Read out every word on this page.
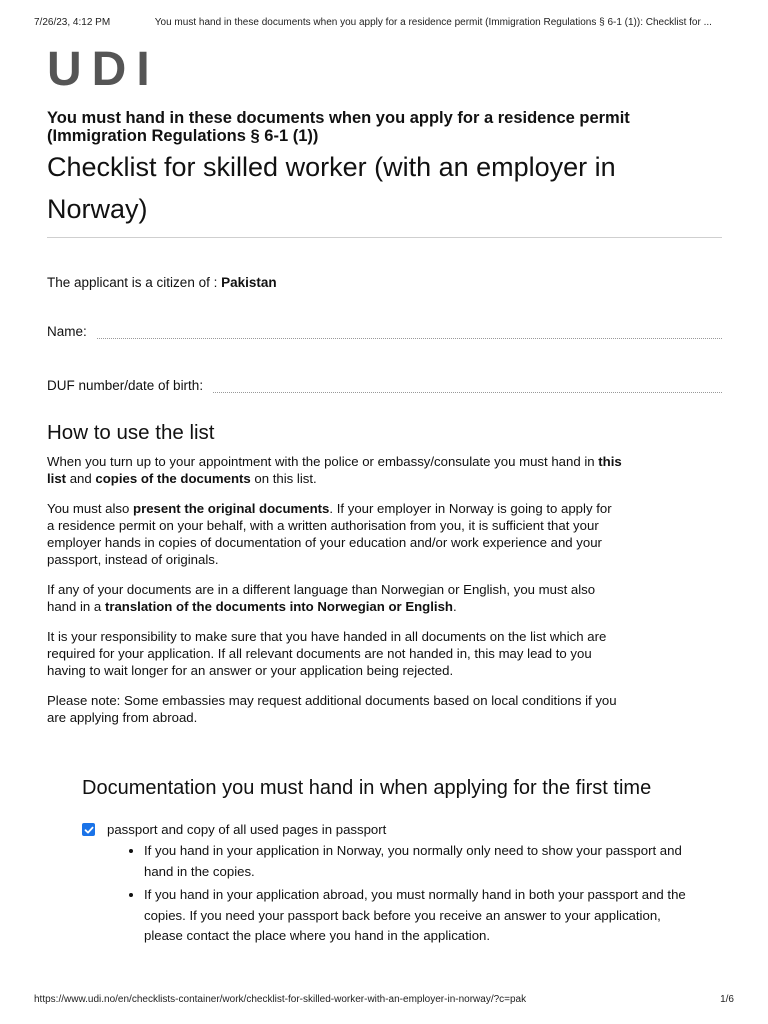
7/26/23, 4:12 PM	You must hand in these documents when you apply for a residence permit (Immigration Regulations § 6-1 (1)): Checklist for ...
UDI
You must hand in these documents when you apply for a residence permit (Immigration Regulations § 6-1 (1))
Checklist for skilled worker (with an employer in Norway)
The applicant is a citizen of : Pakistan
Name:
DUF number/date of birth:
How to use the list

When you turn up to your appointment with the police or embassy/consulate you must hand in this list and copies of the documents on this list.

You must also present the original documents. If your employer in Norway is going to apply for a residence permit on your behalf, with a written authorisation from you, it is sufficient that your employer hands in copies of documentation of your education and/or work experience and your passport, instead of originals.

If any of your documents are in a different language than Norwegian or English, you must also hand in a translation of the documents into Norwegian or English.

It is your responsibility to make sure that you have handed in all documents on the list which are required for your application. If all relevant documents are not handed in, this may lead to you having to wait longer for an answer or your application being rejected.

Please note: Some embassies may request additional documents based on local conditions if you are applying from abroad.

Documentation you must hand in when applying for the first time
passport and copy of all used pages in passport
• If you hand in your application in Norway, you normally only need to show your passport and hand in the copies.
• If you hand in your application abroad, you must normally hand in both your passport and the copies. If you need your passport back before you receive an answer to your application, please contact the place where you hand in the application.
https://www.udi.no/en/checklists-container/work/checklist-for-skilled-worker-with-an-employer-in-norway/?c=pak	1/6
